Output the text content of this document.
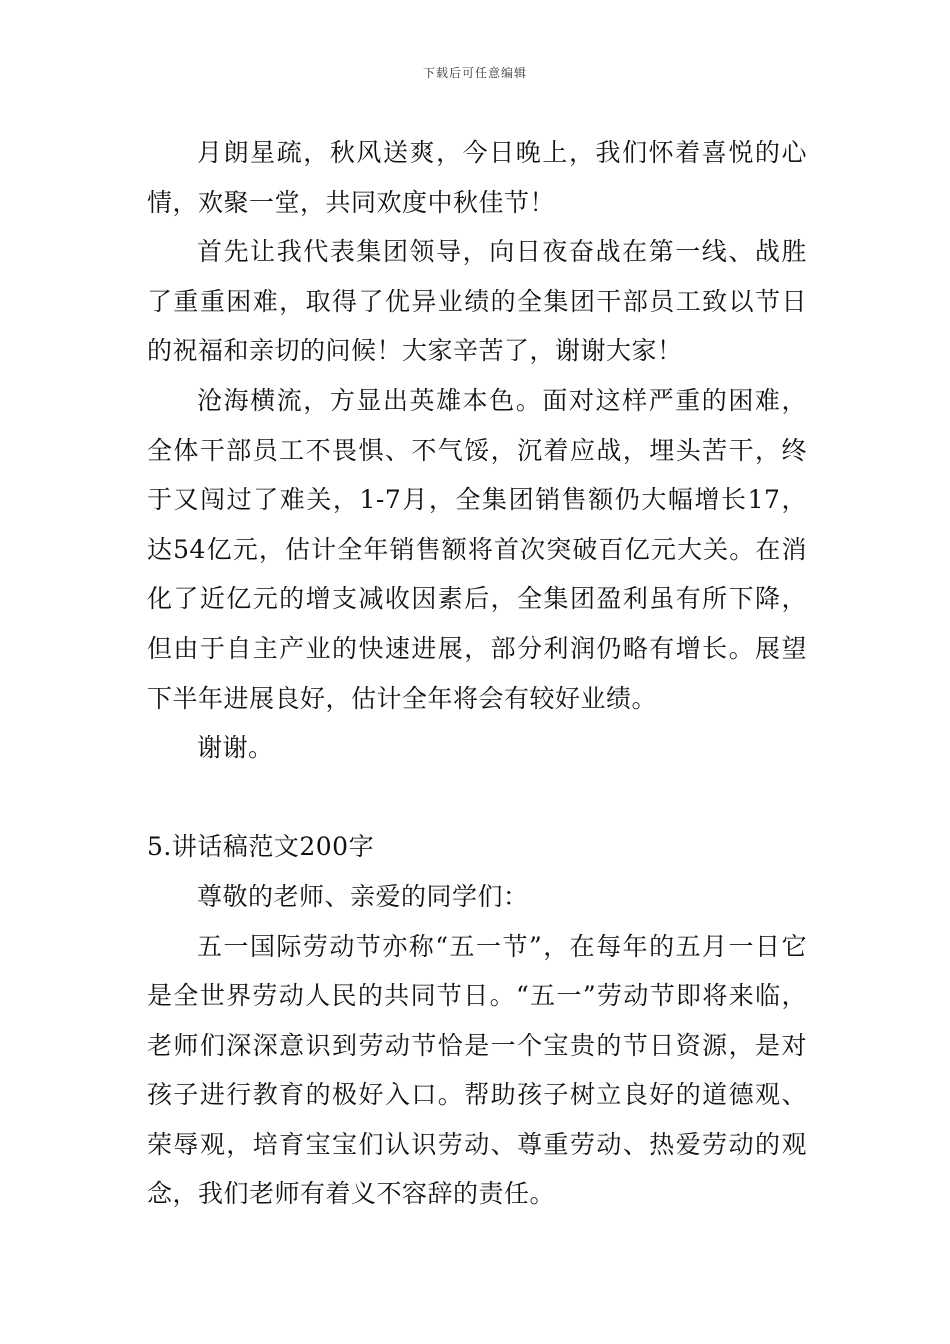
下载后可任意编辑

月朗星疏，秋风送爽，今日晚上，我们怀着喜悦的心情，欢聚一堂，共同欢度中秋佳节！

首先让我代表集团领导，向日夜奋战在第一线、战胜了重重困难，取得了优异业绩的全集团干部员工致以节日的祝福和亲切的问候！大家辛苦了，谢谢大家！

沧海横流，方显出英雄本色。面对这样严重的困难，全体干部员工不畏惧、不气馁，沉着应战，埋头苦干，终于又闯过了难关，1-7月，全集团销售额仍大幅增长17，达54亿元，估计全年销售额将首次突破百亿元大关。在消化了近亿元的增支减收因素后，全集团盈利虽有所下降，但由于自主产业的快速进展，部分利润仍略有增长。展望下半年进展良好，估计全年将会有较好业绩。

谢谢。

5.讲话稿范文200字

尊敬的老师、亲爱的同学们：

五一国际劳动节亦称“五一节”，在每年的五月一日它是全世界劳动人民的共同节日。“五一”劳动节即将来临，老师们深深意识到劳动节恰是一个宝贵的节日资源，是对孩子进行教育的极好入口。帮助孩子树立良好的道德观、荣辱观，培育宝宝们认识劳动、尊重劳动、热爱劳动的观念，我们老师有着义不容辞的责任。
